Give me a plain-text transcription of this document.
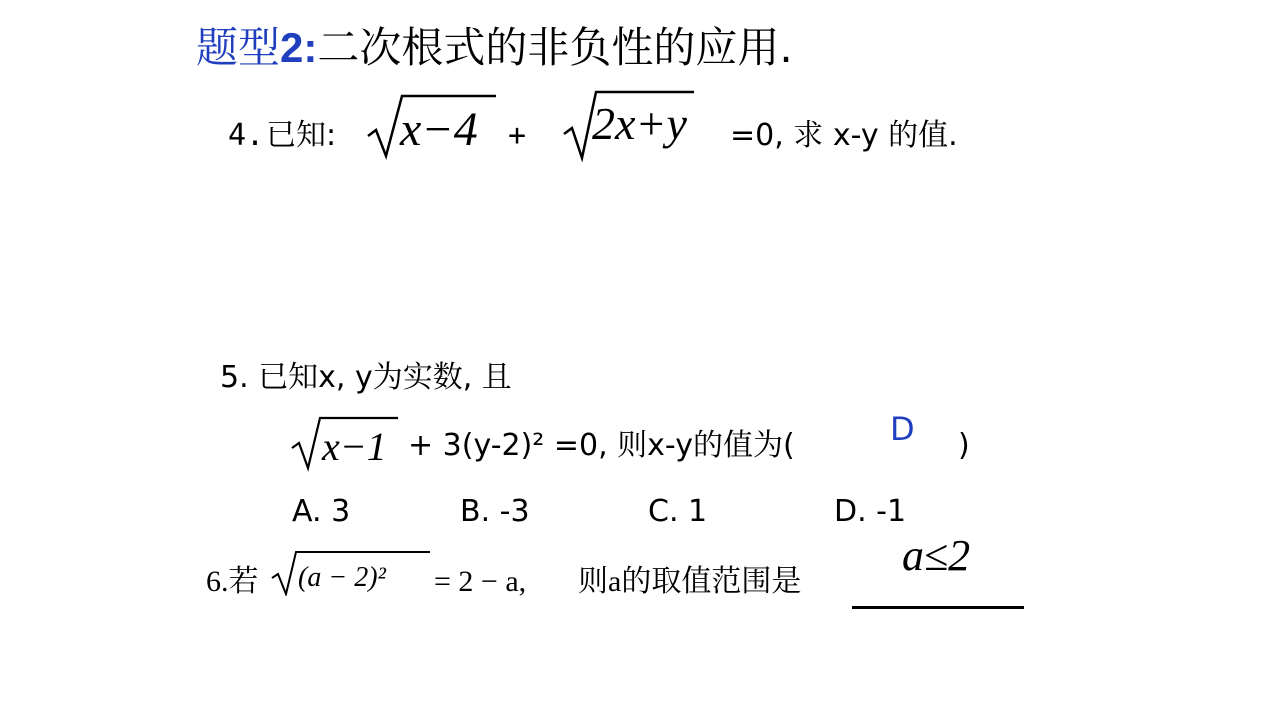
题型2:二次根式的非负性的应用.
4. 已知: x−4 + 2x+y =0, 求 x-y 的值.
5. 已知x, y为实数, 且
x−1 + 3(y-2)² =0, 则x-y的值为(	D )
A. 3	B. -3	C. 1	D. -1
6.若 (a − 2)² = 2 − a, 则a的取值范围是
a≤2
